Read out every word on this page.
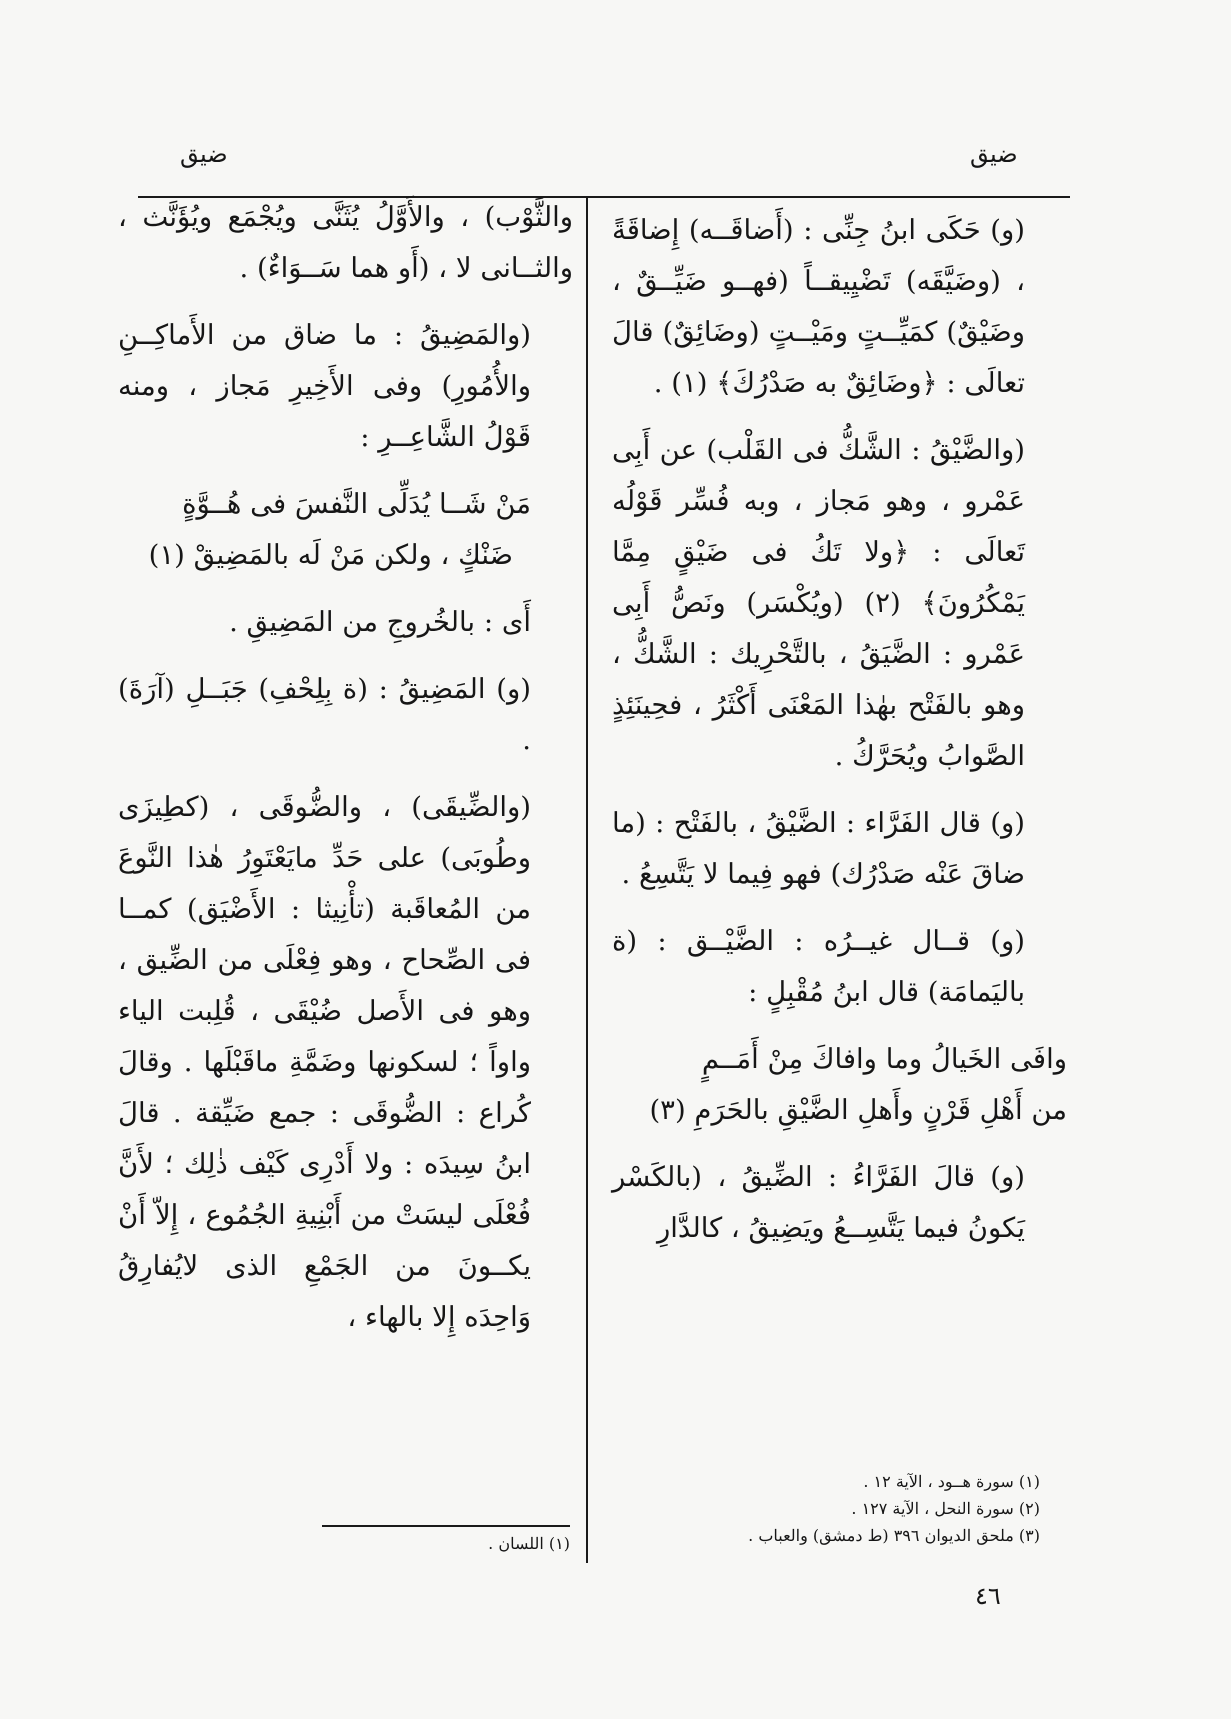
ضيق
ضيق

(و) حَكَى ابنُ جِنِّى : (أَضاقَــه) إِضاقَةً ، (وضَيَّقَه) تَضْيِيقــاً (فهــو ضَيِّــقٌ ، وضَيْقٌ) كمَيِّــتٍ ومَيْــتٍ (وضَائِقٌ) قالَ تعالَى : ﴿وضَائِقٌ به صَدْرُكَ﴾ (١) .

(والضَّيْقُ : الشَّكُّ فى القَلْب) عن أَبِى عَمْرو ، وهو مَجاز ، وبه فُسِّر قَوْلُه تَعالَى : ﴿ولا تَكُ فى ضَيْقٍ مِمَّا يَمْكُرُونَ﴾ (٢) (ويُكْسَر) ونَصُّ أَبِى عَمْرو : الضَّيَقُ ، بالتَّحْرِيك : الشَّكُّ ، وهو بالفَتْح بهٰذا المَعْنَى أَكْثَرُ ، فحِينَئِذٍ الصَّوابُ ويُحَرَّكُ .

(و) قال الفَرَّاء : الضَّيْقُ ، بالفَتْح : (ما ضاقَ عَنْه صَدْرُك) فهو فِيما لا يَتَّسِعُ .

(و) قــال غيــرُه : الضَّيْــق : (ة باليَمامَة) قال ابنُ مُقْبِلٍ :

وافَى الخَيالُ وما وافاكَ مِنْ أَمَــمٍ

من أَهْلِ قَرْنٍ وأَهلِ الضَّيْقِ بالحَرَمِ (٣)

(و) قالَ الفَرَّاءُ : الضِّيقُ ، (بالكَسْر يَكونُ فيما يَتَّسِــعُ ويَضِيقُ ، كالدَّارِ

والثَّوْب) ، والأَوَّلُ يُثَنَّى ويُجْمَع ويُؤَنَّث ، والثــانى لا ، (أَو هما سَــوَاءٌ) .

(والمَضِيقُ : ما ضاق من الأَماكِــنِ والأُمُورِ) وفى الأَخِيرِ مَجاز ، ومنه قَوْلُ الشَّاعِــرِ :

مَنْ شَــا يُدَلِّى النَّفسَ فى هُــوَّةٍ

ضَنْكٍ ، ولكن مَنْ لَه بالمَضِيقْ (١)

أَى : بالخُروجِ من المَضِيقِ .

(و) المَضِيقُ : (ة بِلِحْفِ) جَبَــلِ (آرَةَ) .

(والضِّيقَى) ، والضُّوقَى ، (كطِيزَى وطُوبَى) على حَدِّ مايَعْتَوِرُ هٰذا النَّوعَ من المُعاقَبة (تأْنِيثا : الأَضْيَق) كمــا فى الصِّحاح ، وهو فِعْلَى من الضِّيق ، وهو فى الأَصل ضُيْقَى ، قُلِبت الياء واواً ؛ لسكونها وضَمَّةِ ماقَبْلَها . وقالَ كُراع : الضُّوقَى : جمع ضَيِّقة . قالَ ابنُ سِيدَه : ولا أَدْرِى كَيْف ذٰلِك ؛ لأَنَّ فُعْلَى ليسَتْ من أَبْنِيةِ الجُمُوع ، إِلاّ أَنْ يكــونَ من الجَمْعِ الذى لايُفارِقُ وَاحِدَه إِلا بالهاء ،

(١) سورة هــود ، الآية ١٢ .
(٢) سورة النحل ، الآية ١٢٧ .
(٣) ملحق الديوان ٣٩٦ (ط دمشق) والعباب .
(١) اللسان .
٤٦
